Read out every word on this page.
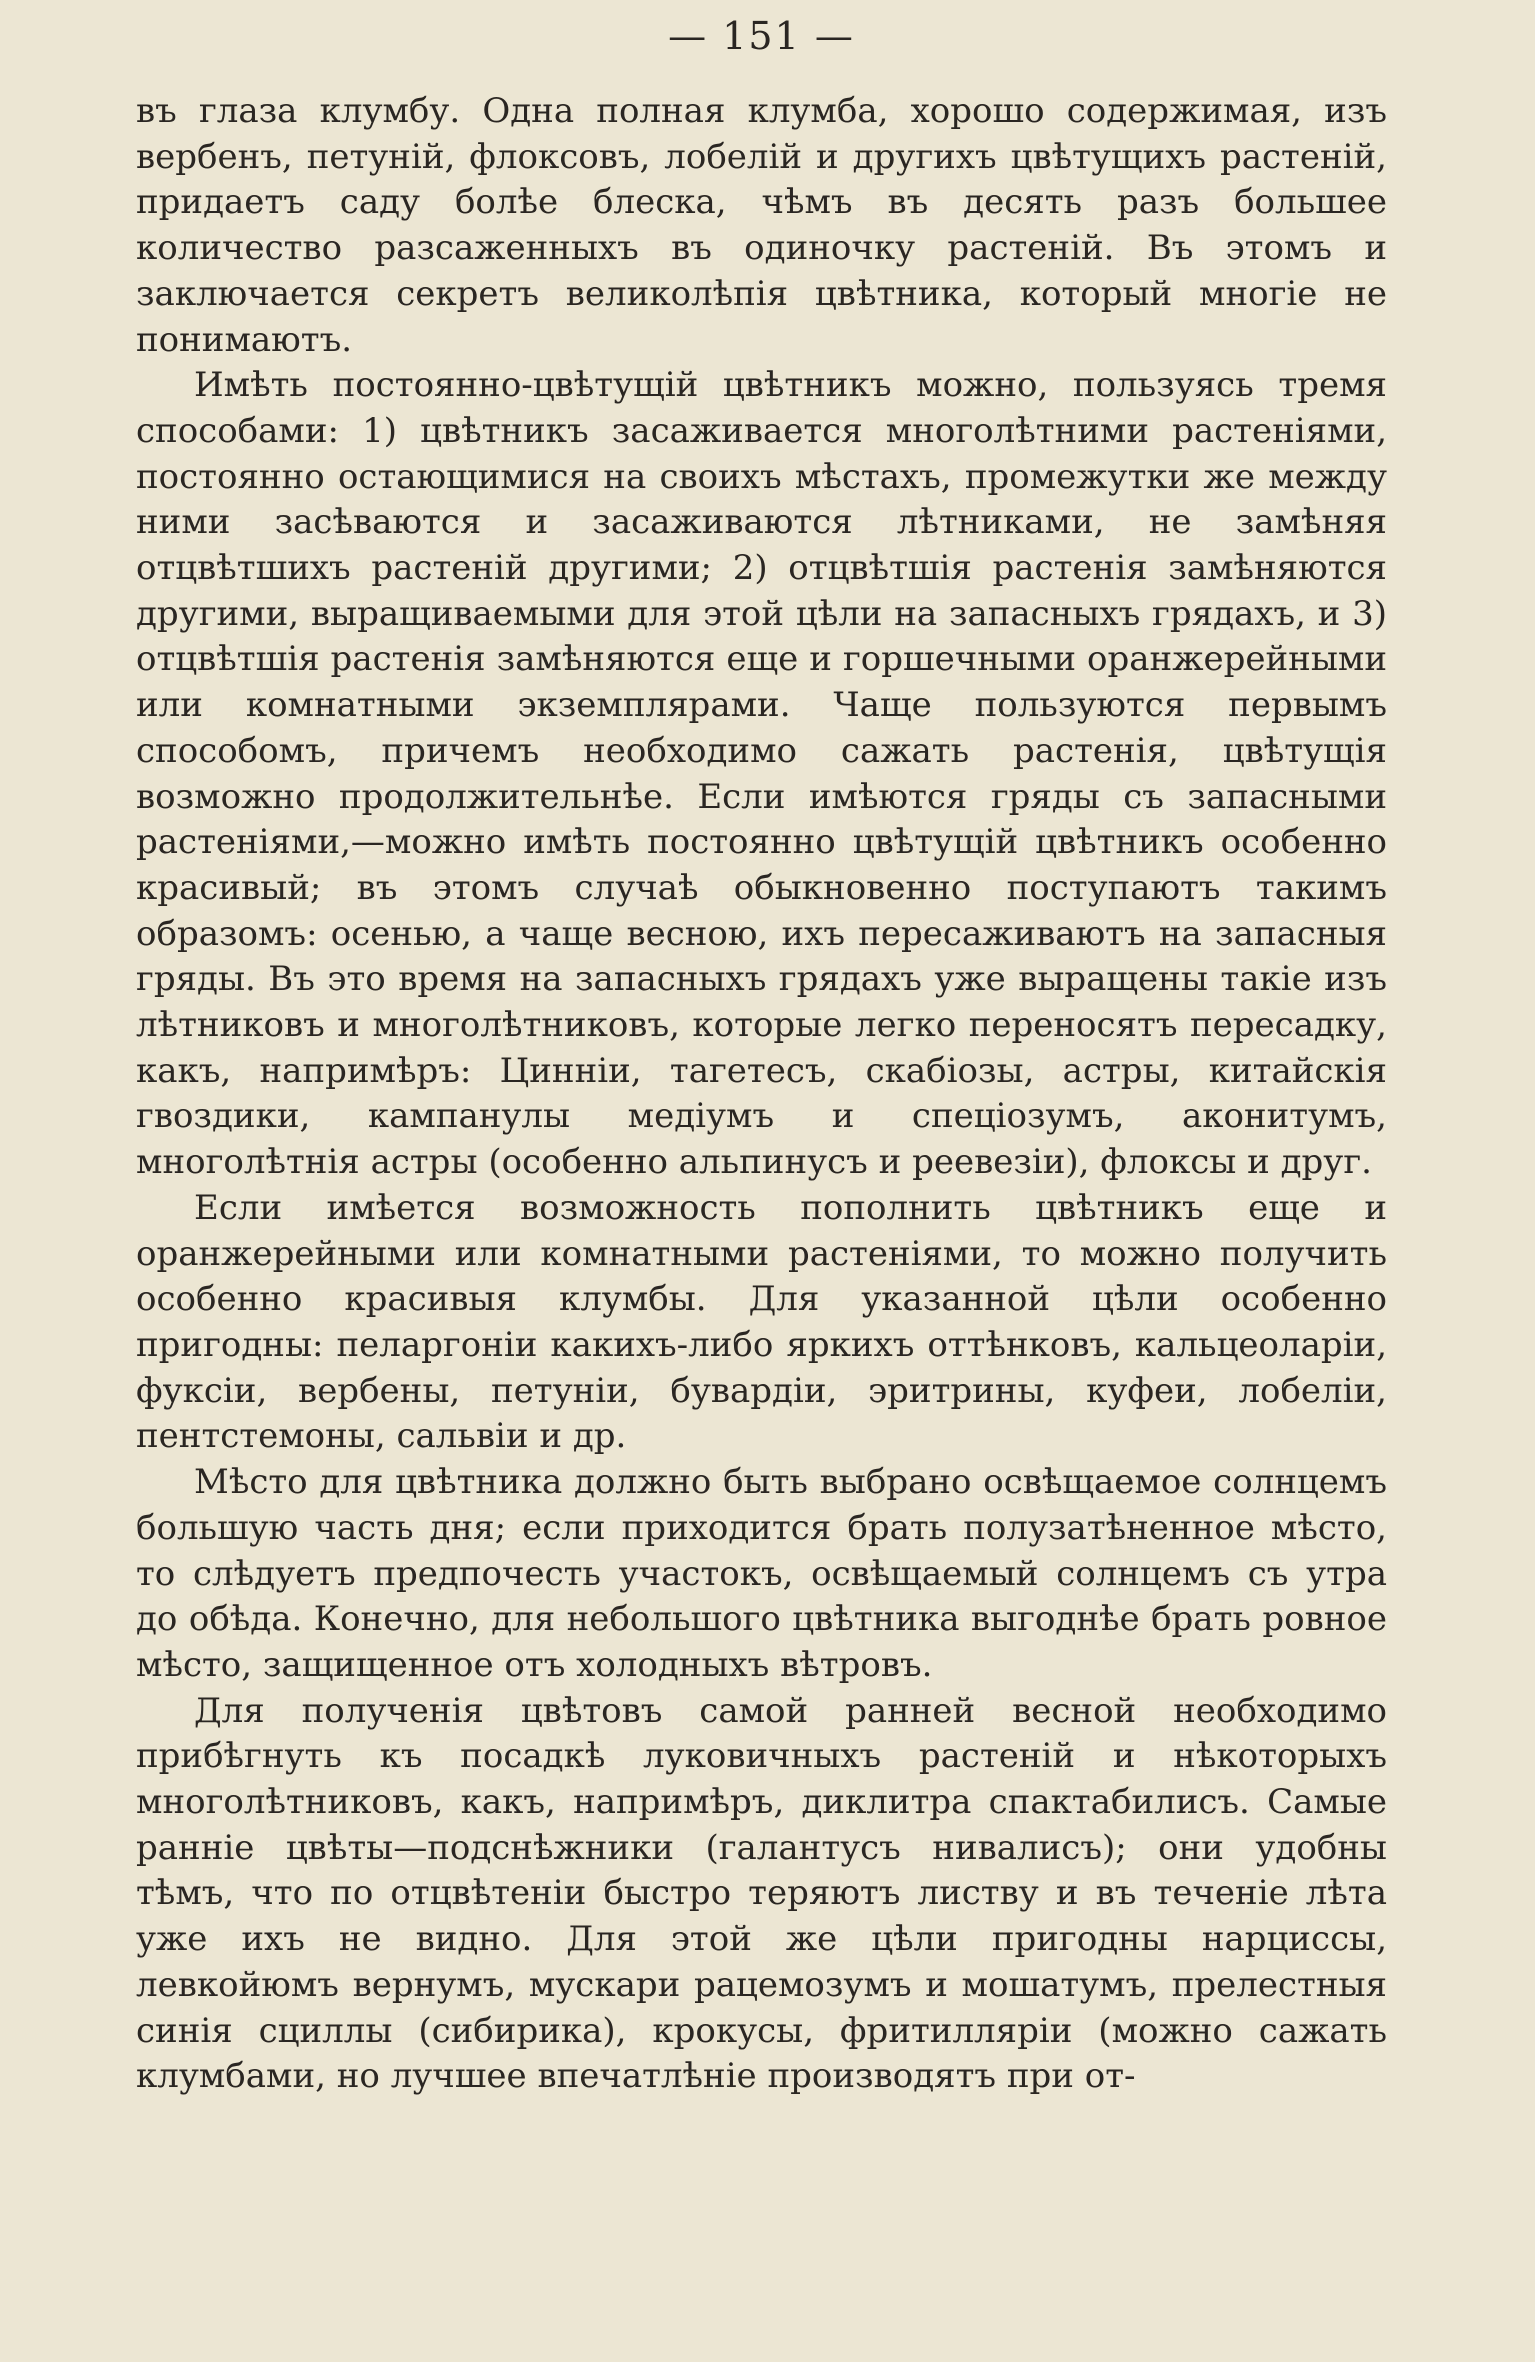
— 151 —

въ глаза клумбу. Одна полная клумба, хорошо содержимая, изъ вербенъ, петуній, флоксовъ, лобелій и другихъ цвѣтущихъ растеній, придаетъ саду болѣе блеска, чѣмъ въ десять разъ большее количество разсаженныхъ въ одиночку растеній. Въ этомъ и заключается секретъ великолѣпія цвѣтника, который многіе не понимаютъ.

Имѣть постоянно-цвѣтущій цвѣтникъ можно, пользуясь тремя способами: 1) цвѣтникъ засаживается многолѣтними растеніями, постоянно остающимися на своихъ мѣстахъ, промежутки же между ними засѣваются и засаживаются лѣтниками, не замѣняя отцвѣтшихъ растеній другими; 2) отцвѣтшія растенія замѣняются другими, выращиваемыми для этой цѣли на запасныхъ грядахъ, и 3) отцвѣтшія растенія замѣняются еще и горшечными оранжерейными или комнатными экземплярами. Чаще пользуются первымъ способомъ, причемъ необходимо сажать растенія, цвѣтущія возможно продолжительнѣе. Если имѣются гряды съ запасными растеніями,—можно имѣть постоянно цвѣтущій цвѣтникъ особенно красивый; въ этомъ случаѣ обыкновенно поступаютъ такимъ образомъ: осенью, а чаще весною, ихъ пересаживаютъ на запасныя гряды. Въ это время на запасныхъ грядахъ уже выращены такіе изъ лѣтниковъ и многолѣтниковъ, которые легко переносятъ пересадку, какъ, напримѣръ: Цинніи, тагетесъ, скабіозы, астры, китайскія гвоздики, кампанулы медіумъ и спеціозумъ, аконитумъ, многолѣтнія астры (особенно альпинусъ и реевезіи), флоксы и друг.

Если имѣется возможность пополнить цвѣтникъ еще и оранжерейными или комнатными растеніями, то можно получить особенно красивыя клумбы. Для указанной цѣли особенно пригодны: пеларгоніи какихъ-либо яркихъ оттѣнковъ, кальцеоларіи, фуксіи, вербены, петуніи, бувардіи, эритрины, куфеи, лобеліи, пентстемоны, сальвіи и др.

Мѣсто для цвѣтника должно быть выбрано освѣщаемое солнцемъ большую часть дня; если приходится брать полузатѣненное мѣсто, то слѣдуетъ предпочесть участокъ, освѣщаемый солнцемъ съ утра до обѣда. Конечно, для небольшого цвѣтника выгоднѣе брать ровное мѣсто, защищенное отъ холодныхъ вѣтровъ.

Для полученія цвѣтовъ самой ранней весной необходимо прибѣгнуть къ посадкѣ луковичныхъ растеній и нѣкоторыхъ многолѣтниковъ, какъ, напримѣръ, диклитра спактабилисъ. Самые ранніе цвѣты—подснѣжники (галантусъ нивалисъ); они удобны тѣмъ, что по отцвѣтеніи быстро теряютъ листву и въ теченіе лѣта уже ихъ не видно. Для этой же цѣли пригодны нарциссы, левкойюмъ вернумъ, мускари рацемозумъ и мошатумъ, прелестныя синія сциллы (сибирика), крокусы, фритилляріи (можно сажать клумбами, но лучшее впечатлѣніе производятъ при от-
